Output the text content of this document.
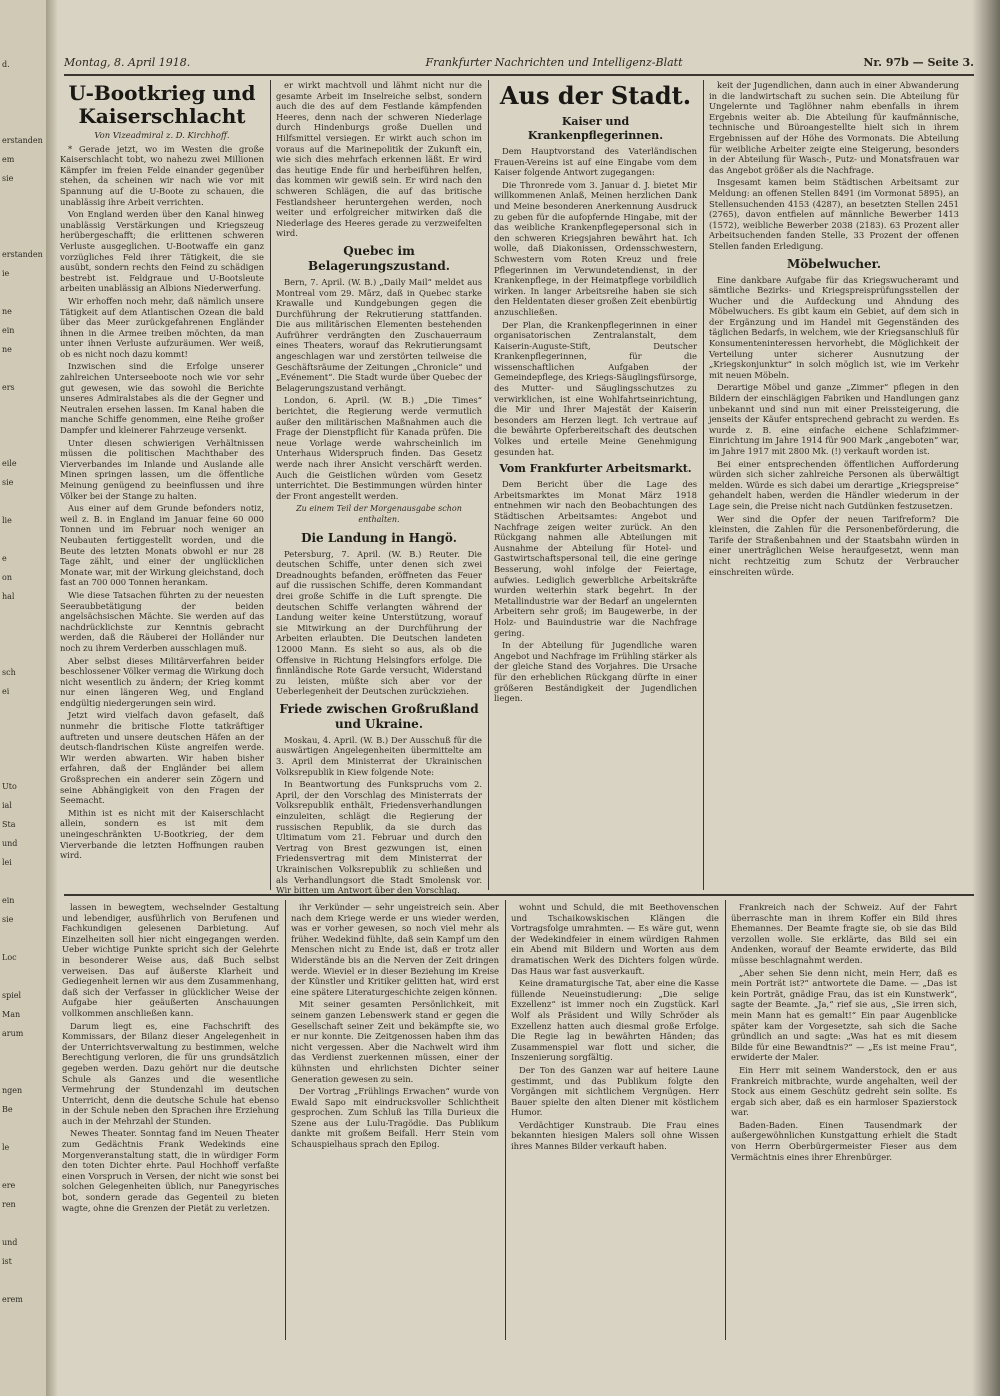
d.
erstanden
em
sie
erstanden
ie
ne
ein
ne
ers
eile
sie
lie
e
on
hal
sch
ei
Uto
ial
Sta
und
lei
ein
sie
Loc
spiel
Man
arum
ngen
Be
le
ere
ren
und
ist
erem
Montag, 8. April 1918.	Frankfurter Nachrichten und Intelligenz-Blatt	Nr. 97b — Seite 3.
U-Bootkrieg und Kaiserschlacht
Von Vizeadmiral z. D. Kirchhoff.

* Gerade jetzt, wo im Westen die große Kaiserschlacht tobt, wo nahezu zwei Millionen Kämpfer im freien Felde einander gegenüber stehen, da scheinen wir nach wie vor mit Spannung auf die U-Boote zu schauen, die unablässig ihre Arbeit verrichten.

Von England werden über den Kanal hinweg unablässig Verstärkungen und Kriegszeug herübergeschafft; die erlittenen schweren Verluste ausgeglichen. U-Bootwaffe ein ganz vorzügliches Feld ihrer Tätigkeit, die sie ausübt, sondern rechts den Feind zu schädigen bestrebt ist. Feldgraue und U-Bootsleute arbeiten unablässig an Albions Niederwerfung.

Wir erhoffen noch mehr, daß nämlich unsere Tätigkeit auf dem Atlantischen Ozean die bald über das Meer zurückgefahrenen Engländer ihnen in die Armee treiben möchten, da man unter ihnen Verluste aufzuräumen. Wer weiß, ob es nicht noch dazu kommt!

Inzwischen sind die Erfolge unserer zahlreichen Unterseeboote noch wie vor sehr gut gewesen, wie das sowohl die Berichte unseres Admiralstabes als die der Gegner und Neutralen ersehen lassen. Im Kanal haben die manche Schiffe genommen, eine Reihe großer Dampfer und kleinerer Fahrzeuge versenkt.

Unter diesen schwierigen Verhältnissen müssen die politischen Machthaber des Vierverbandes im Inlande und Auslande alle Minen springen lassen, um die öffentliche Meinung genügend zu beeinflussen und ihre Völker bei der Stange zu halten.

Aus einer auf dem Grunde befonders notiz, weil z. B. in England im Januar feine 60 000 Tonnen und im Februar noch weniger an Neubauten fertiggestellt worden, und die Beute des letzten Monats obwohl er nur 28 Tage zählt, und einer der unglücklichen Monate war, mit der Wirkung gleichstand, doch fast an 700 000 Tonnen herankam.

Wie diese Tatsachen führten zu der neuesten Seeraubbetätigung der beiden angelsächsischen Mächte. Sie werden auf das nachdrücklichste zur Kenntnis gebracht werden, daß die Räuberei der Holländer nur noch zu ihrem Verderben ausschlagen muß.

Aber selbst dieses Militärverfahren beider beschlossener Völker vermag die Wirkung doch nicht wesentlich zu ändern; der Krieg kommt nur einen längeren Weg, und England endgültig niedergerungen sein wird.

Jetzt wird vielfach davon gefaselt, daß nunmehr die britische Flotte tatkräftiger auftreten und unsere deutschen Häfen an der deutsch-flandrischen Küste angreifen werde. Wir werden abwarten. Wir haben bisher erfahren, daß der Engländer bei allem Großsprechen ein anderer sein Zögern und seine Abhängigkeit von den Fragen der Seemacht.

Mithin ist es nicht mit der Kaiserschlacht allein, sondern es ist mit dem uneingeschränkten U-Bootkrieg, der dem Vierverbande die letzten Hoffnungen rauben wird.

er wirkt machtvoll und lähmt nicht nur die gesamte Arbeit im Inselreiche selbst, sondern auch die des auf dem Festlande kämpfenden Heeres, denn nach der schweren Niederlage durch Hindenburgs große Duellen und Hilfsmittel versiegen. Er wirkt auch schon im voraus auf die Marinepolitik der Zukunft ein, wie sich dies mehrfach erkennen läßt. Er wird das heutige Ende für und herbeiführen helfen, das kommen wir gewiß sein. Er wird nach den schweren Schlägen, die auf das britische Festlandsheer heruntergehen werden, noch weiter und erfolgreicher mitwirken daß die Niederlage des Heeres gerade zu verzweifelten wird.

Quebec im Belagerungszustand.

Bern, 7. April. (W. B.) „Daily Mail“ meldet aus Montreal vom 29. März, daß in Quebec starke Krawalle und Kundgebungen gegen die Durchführung der Rekrutierung stattfanden. Die aus militärischen Elementen bestehenden Aufrührer verdrängten den Zuschauerraum eines Theaters, worauf das Rekrutierungsamt angeschlagen war und zerstörten teilweise die Geschäftsräume der Zeitungen „Chronicle“ und „Evénement“. Die Stadt wurde über Quebec der Belagerungszustand verhängt.

London, 6. April. (W. B.) „Die Times“ berichtet, die Regierung werde vermutlich außer den militärischen Maßnahmen auch die Frage der Dienstpflicht für Kanada prüfen. Die neue Vorlage werde wahrscheinlich im Unterhaus Widerspruch finden. Das Gesetz werde nach ihrer Ansicht verschärft werden. Auch die Geistlichen würden vom Gesetz unterrichtet. Die Bestimmungen würden hinter der Front angestellt werden.

Zu einem Teil der Morgenausgabe schon enthalten.
Die Landung in Hangö.

Petersburg, 7. April. (W. B.) Reuter. Die deutschen Schiffe, unter denen sich zwei Dreadnoughts befanden, eröffneten das Feuer auf die russischen Schiffe, deren Kommandant drei große Schiffe in die Luft sprengte. Die deutschen Schiffe verlangten während der Landung weiter keine Unterstützung, worauf sie Mitwirkung an der Durchführung der Arbeiten erlaubten. Die Deutschen landeten 12000 Mann. Es sieht so aus, als ob die Offensive in Richtung Helsingfors erfolge. Die finnländische Rote Garde versucht, Widerstand zu leisten, müßte sich aber vor der Ueberlegenheit der Deutschen zurückziehen.

Friede zwischen Großrußland und Ukraine.

Moskau, 4. April. (W. B.) Der Ausschuß für die auswärtigen Angelegenheiten übermittelte am 3. April dem Ministerrat der Ukrainischen Volksrepublik in Kiew folgende Note:

In Beantwortung des Funkspruchs vom 2. April, der den Vorschlag des Ministerrats der Volksrepublik enthält, Friedensverhandlungen einzuleiten, schlägt die Regierung der russischen Republik, da sie durch das Ultimatum vom 21. Februar und durch den Vertrag von Brest gezwungen ist, einen Friedensvertrag mit dem Ministerrat der Ukrainischen Volksrepublik zu schließen und als Verhandlungsort die Stadt Smolensk vor. Wir bitten um Antwort über den Vorschlag.

Aus der Stadt.
Kaiser und Krankenpflegerinnen.

Dem Hauptvorstand des Vaterländischen Frauen-Vereins ist auf eine Eingabe vom dem Kaiser folgende Antwort zugegangen:

Die Thronrede vom 3. Januar d. J. bietet Mir willkommenen Anlaß, Meinen herzlichen Dank und Meine besonderen Anerkennung Ausdruck zu geben für die aufopfernde Hingabe, mit der das weibliche Krankenpflegepersonal sich in den schweren Kriegsjahren bewährt hat. Ich wolle, daß Diakonissen, Ordensschwestern, Schwestern vom Roten Kreuz und freie Pflegerinnen im Verwundetendienst, in der Krankenpflege, in der Heimatpflege vorbildlich wirken. In langer Arbeitsreihe haben sie sich den Heldentaten dieser großen Zeit ebenbürtig anzuschließen.

Der Plan, die Krankenpflegerinnen in einer organisatorischen Zentralanstalt, dem Kaiserin-Auguste-Stift, Deutscher Krankenpflegerinnen, für die wissenschaftlichen Aufgaben der Gemeindepflege, des Kriegs-Säuglingsfürsorge, des Mutter- und Säuglingsschutzes zu verwirklichen, ist eine Wohlfahrtseinrichtung, die Mir und Ihrer Majestät der Kaiserin besonders am Herzen liegt. Ich vertraue auf die bewährte Opferbereitschaft des deutschen Volkes und erteile Meine Genehmigung gesunden hat.

Vom Frankfurter Arbeitsmarkt.

Dem Bericht über die Lage des Arbeitsmarktes im Monat März 1918 entnehmen wir nach den Beobachtungen des Städtischen Arbeitsamtes: Angebot und Nachfrage zeigen weiter zurück. An den Rückgang nahmen alle Abteilungen mit Ausnahme der Abteilung für Hotel- und Gastwirtschaftspersonal teil, die eine geringe Besserung, wohl infolge der Feiertage, aufwies. Lediglich gewerbliche Arbeitskräfte wurden weiterhin stark begehrt. In der Metallindustrie war der Bedarf an ungelernten Arbeitern sehr groß; im Baugewerbe, in der Holz- und Bauindustrie war die Nachfrage gering.

In der Abteilung für Jugendliche waren Angebot und Nachfrage im Frühling stärker als der gleiche Stand des Vorjahres. Die Ursache für den erheblichen Rückgang dürfte in einer größeren Beständigkeit der Jugendlichen liegen.

keit der Jugendlichen, dann auch in einer Abwanderung in die landwirtschaft zu suchen sein. Die Abteilung für Ungelernte und Taglöhner nahm ebenfalls in ihrem Ergebnis weiter ab. Die Abteilung für kaufmännische, technische und Büroangestellte hielt sich in ihrem Ergebnissen auf der Höhe des Vormonats. Die Abteilung für weibliche Arbeiter zeigte eine Steigerung, besonders in der Abteilung für Wasch-, Putz- und Monatsfrauen war das Angebot größer als die Nachfrage.

Insgesamt kamen beim Städtischen Arbeitsamt zur Meldung: an offenen Stellen 8491 (im Vormonat 5895), an Stellensuchenden 4153 (4287), an besetzten Stellen 2451 (2765), davon entfielen auf männliche Bewerber 1413 (1572), weibliche Bewerber 2038 (2183). 63 Prozent aller Arbeitsuchenden fanden Stelle, 33 Prozent der offenen Stellen fanden Erledigung.

Möbelwucher.

Eine dankbare Aufgabe für das Kriegswucheramt und sämtliche Bezirks- und Kriegspreisprüfungsstellen der Wucher und die Aufdeckung und Ahndung des Möbelwuchers. Es gibt kaum ein Gebiet, auf dem sich in der Ergänzung und im Handel mit Gegenständen des täglichen Bedarfs, in welchem, wie der Kriegsanschluß für Konsumenteninteressen hervorhebt, die Möglichkeit der Verteilung unter sicherer Ausnutzung der „Kriegskonjunktur“ in solch möglich ist, wie im Verkehr mit neuen Möbeln.

Derartige Möbel und ganze „Zimmer“ pflegen in den Bildern der einschlägigen Fabriken und Handlungen ganz unbekannt und sind nun mit einer Preissteigerung, die jenseits der Käufer entsprechend gebracht zu werden. Es wurde z. B. eine einfache eichene Schlafzimmer-Einrichtung im Jahre 1914 für 900 Mark „angeboten“ war, im Jahre 1917 mit 2800 Mk. (!) verkauft worden ist.

Bei einer entsprechenden öffentlichen Aufforderung würden sich sicher zahlreiche Personen als überwältigt melden. Würde es sich dabei um derartige „Kriegspreise“ gehandelt haben, werden die Händler wiederum in der Lage sein, die Preise nicht nach Gutdünken festzusetzen.

Wer sind die Opfer der neuen Tarifreform? Die kleinsten, die Zahlen für die Personenbeförderung, die Tarife der Straßenbahnen und der Staatsbahn würden in einer unerträglichen Weise heraufgesetzt, wenn man nicht rechtzeitig zum Schutz der Verbraucher einschreiten würde.

lassen in bewegtem, wechselnder Gestaltung und lebendiger, ausführlich von Berufenen und Fachkundigen gelesenen Darbietung. Auf Einzelheiten soll hier nicht eingegangen werden. Ueber wichtige Punkte spricht sich der Gelehrte in besonderer Weise aus, daß Buch selbst verweisen. Das auf äußerste Klarheit und Gediegenheit lernen wir aus dem Zusammenhang, daß sich der Verfasser in glücklicher Weise der Aufgabe hier geäußerten Anschauungen vollkommen anschließen kann.

Darum liegt es, eine Fachschrift des Kommissars, der Bilanz dieser Angelegenheit in der Unterrichtsverwaltung zu bestimmen, welche Berechtigung verloren, die für uns grundsätzlich gegeben werden. Dazu gehört nur die deutsche Schule als Ganzes und die wesentliche Vermehrung der Stundenzahl im deutschen Unterricht, denn die deutsche Schule hat ebenso in der Schule neben den Sprachen ihre Erziehung auch in der Mehrzahl der Stunden.

Newes Theater. Sonntag fand im Neuen Theater zum Gedächtnis Frank Wedekinds eine Morgenveranstaltung statt, die in würdiger Form den toten Dichter ehrte. Paul Hochhoff verfaßte einen Vorspruch in Versen, der nicht wie sonst bei solchen Gelegenheiten üblich, nur Panegyrisches bot, sondern gerade das Gegenteil zu bieten wagte, ohne die Grenzen der Pietät zu verletzen.

ihr Verkünder — sehr ungeistreich sein. Aber nach dem Kriege werde er uns wieder werden, was er vorher gewesen, so noch viel mehr als früher. Wedekind fühlte, daß sein Kampf um den Menschen nicht zu Ende ist, daß er trotz aller Widerstände bis an die Nerven der Zeit dringen werde. Wieviel er in dieser Beziehung im Kreise der Künstler und Kritiker gelitten hat, wird erst eine spätere Literaturgeschichte zeigen können.

Mit seiner gesamten Persönlichkeit, mit seinem ganzen Lebenswerk stand er gegen die Gesellschaft seiner Zeit und bekämpfte sie, wo er nur konnte. Die Zeitgenossen haben ihm das nicht vergessen. Aber die Nachwelt wird ihm das Verdienst zuerkennen müssen, einer der kühnsten und ehrlichsten Dichter seiner Generation gewesen zu sein.

Der Vortrag „Frühlings Erwachen“ wurde von Ewald Sapo mit eindrucksvoller Schlichtheit gesprochen. Zum Schluß las Tilla Durieux die Szene aus der Lulu-Tragödie. Das Publikum dankte mit großem Beifall. Herr Stein vom Schauspielhaus sprach den Epilog.

wohnt und Schuld, die mit Beethovenschen und Tschaikowskischen Klängen die Vortragsfolge umrahmten. — Es wäre gut, wenn der Wedekindfeier in einem würdigen Rahmen ein Abend mit Bildern und Worten aus dem dramatischen Werk des Dichters folgen würde. Das Haus war fast ausverkauft.

Keine dramaturgische Tat, aber eine die Kasse füllende Neueinstudierung: „Die selige Exzellenz“ ist immer noch ein Zugstück. Karl Wolf als Präsident und Willy Schröder als Exzellenz hatten auch diesmal große Erfolge. Die Regie lag in bewährten Händen; das Zusammenspiel war flott und sicher, die Inszenierung sorgfältig.

Der Ton des Ganzen war auf heitere Laune gestimmt, und das Publikum folgte den Vorgängen mit sichtlichem Vergnügen. Herr Bauer spielte den alten Diener mit köstlichem Humor.

Verdächtiger Kunstraub. Die Frau eines bekannten hiesigen Malers soll ohne Wissen ihres Mannes Bilder verkauft haben.

Frankreich nach der Schweiz. Auf der Fahrt überraschte man in ihrem Koffer ein Bild ihres Ehemannes. Der Beamte fragte sie, ob sie das Bild verzollen wolle. Sie erklärte, das Bild sei ein Andenken, worauf der Beamte erwiderte, das Bild müsse beschlagnahmt werden.

„Aber sehen Sie denn nicht, mein Herr, daß es mein Porträt ist?“ antwortete die Dame. — „Das ist kein Porträt, gnädige Frau, das ist ein Kunstwerk“, sagte der Beamte. „Ja,“ rief sie aus, „Sie irren sich, mein Mann hat es gemalt!“ Ein paar Augenblicke später kam der Vorgesetzte, sah sich die Sache gründlich an und sagte: „Was hat es mit diesem Bilde für eine Bewandtnis?“ — „Es ist meine Frau“, erwiderte der Maler.

Ein Herr mit seinem Wanderstock, den er aus Frankreich mitbrachte, wurde angehalten, weil der Stock aus einem Geschütz gedreht sein sollte. Es ergab sich aber, daß es ein harmloser Spazierstock war.

Baden-Baden. Einen Tausendmark der außergewöhnlichen Kunstgattung erhielt die Stadt von Herrn Oberbürgermeister Fieser aus dem Vermächtnis eines ihrer Ehrenbürger.
